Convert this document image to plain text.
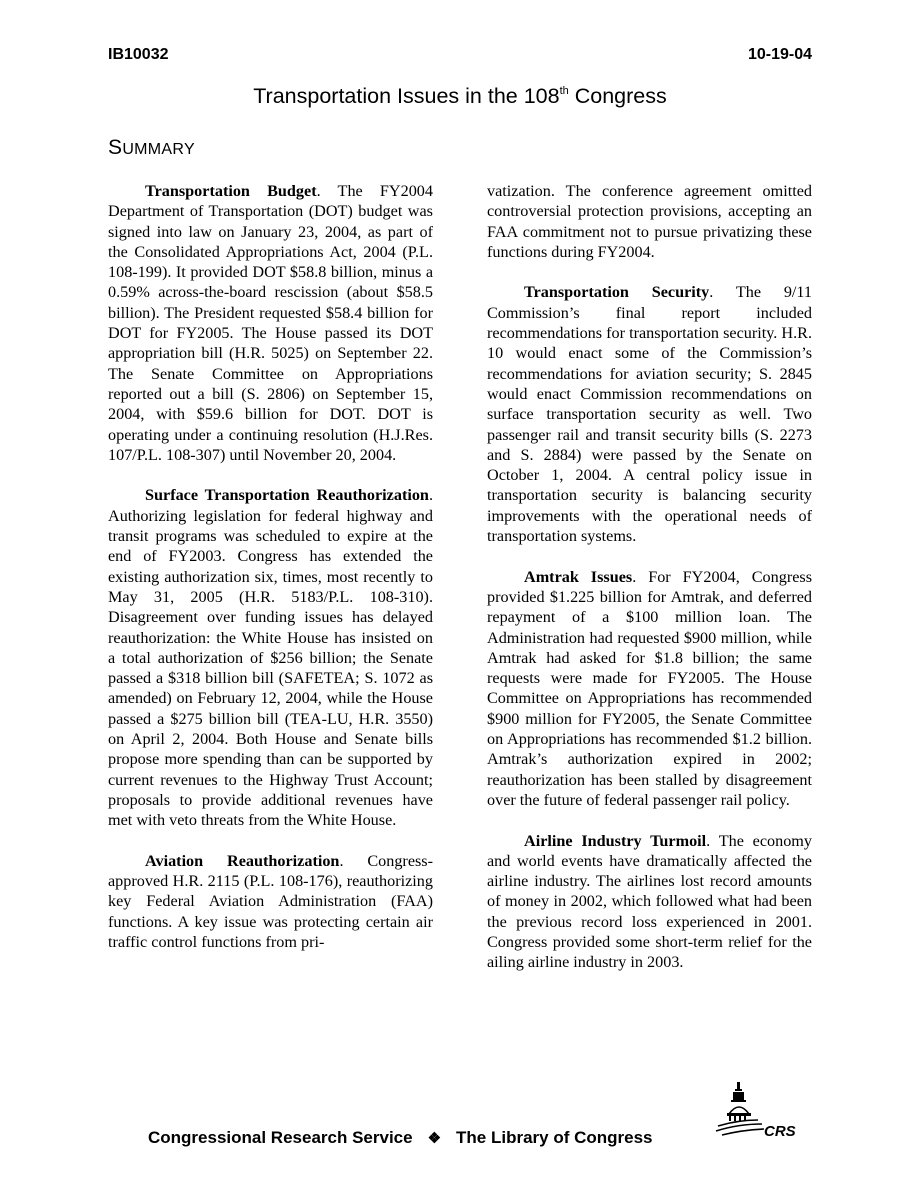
IB10032	10-19-04
Transportation Issues in the 108th Congress
SUMMARY

Transportation Budget. The FY2004 Department of Transportation (DOT) budget was signed into law on January 23, 2004, as part of the Consolidated Appropriations Act, 2004 (P.L. 108-199). It provided DOT $58.8 billion, minus a 0.59% across-the-board rescission (about $58.5 billion). The President requested $58.4 billion for DOT for FY2005. The House passed its DOT appropriation bill (H.R. 5025) on September 22. The Senate Committee on Appropriations reported out a bill (S. 2806) on September 15, 2004, with $59.6 billion for DOT. DOT is operating under a continuing resolution (H.J.Res. 107/P.L. 108-307) until November 20, 2004.

Surface Transportation Reauthorization. Authorizing legislation for federal highway and transit programs was scheduled to expire at the end of FY2003. Congress has extended the existing authorization six, times, most recently to May 31, 2005 (H.R. 5183/P.L. 108-310). Disagreement over funding issues has delayed reauthorization: the White House has insisted on a total authorization of $256 billion; the Senate passed a $318 billion bill (SAFETEA; S. 1072 as amended) on February 12, 2004, while the House passed a $275 billion bill (TEA-LU, H.R. 3550) on April 2, 2004. Both House and Senate bills propose more spending than can be supported by current revenues to the Highway Trust Account; proposals to provide additional revenues have met with veto threats from the White House.

Aviation Reauthorization. Congress-approved H.R. 2115 (P.L. 108-176), reauthorizing key Federal Aviation Administration (FAA) functions. A key issue was protecting certain air traffic control functions from pri-

vatization. The conference agreement omitted controversial protection provisions, accepting an FAA commitment not to pursue privatizing these functions during FY2004.

Transportation Security. The 9/11 Commission’s final report included recommendations for transportation security. H.R. 10 would enact some of the Commission’s recommendations for aviation security; S. 2845 would enact Commission recommendations on surface transportation security as well. Two passenger rail and transit security bills (S. 2273 and S. 2884) were passed by the Senate on October 1, 2004. A central policy issue in transportation security is balancing security improvements with the operational needs of transportation systems.

Amtrak Issues. For FY2004, Congress provided $1.225 billion for Amtrak, and deferred repayment of a $100 million loan. The Administration had requested $900 million, while Amtrak had asked for $1.8 billion; the same requests were made for FY2005. The House Committee on Appropriations has recommended $900 million for FY2005, the Senate Committee on Appropriations has recommended $1.2 billion. Amtrak’s authorization expired in 2002; reauthorization has been stalled by disagreement over the future of federal passenger rail policy.

Airline Industry Turmoil. The economy and world events have dramatically affected the airline industry. The airlines lost record amounts of money in 2002, which followed what had been the previous record loss experienced in 2001. Congress provided some short-term relief for the ailing airline industry in 2003.

Congressional Research Service ❖ The Library of Congress	CRS
